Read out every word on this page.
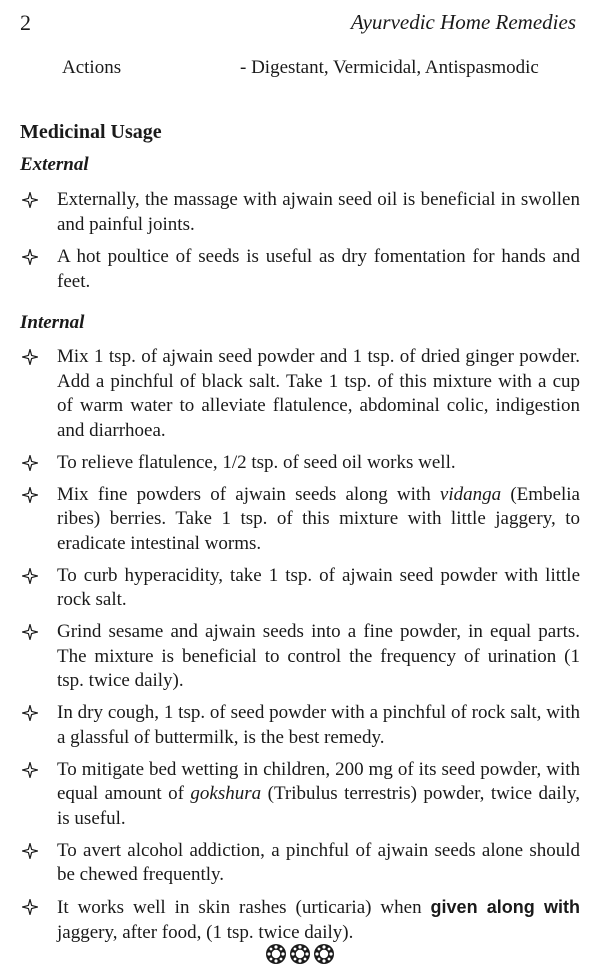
2	Ayurvedic Home Remedies
Actions	- Digestant, Vermicidal, Antispasmodic
Medicinal Usage
External
Externally, the massage with ajwain seed oil is beneficial in swollen and painful joints.
A hot poultice of seeds is useful as dry fomentation for hands and feet.
Internal
Mix 1 tsp. of ajwain seed powder and 1 tsp. of dried ginger powder. Add a pinchful of black salt. Take 1 tsp. of this mixture with a cup of warm water to alleviate flatulence, abdominal colic, indigestion and diarrhoea.
To relieve flatulence, 1/2 tsp. of seed oil works well.
Mix fine powders of ajwain seeds along with vidanga (Embelia ribes) berries. Take 1 tsp. of this mixture with little jaggery, to eradicate intestinal worms.
To curb hyperacidity, take 1 tsp. of ajwain seed powder with little rock salt.
Grind sesame and ajwain seeds into a fine powder, in equal parts. The mixture is beneficial to control the frequency of urination (1 tsp. twice daily).
In dry cough, 1 tsp. of seed powder with a pinchful of rock salt, with a glassful of buttermilk, is the best remedy.
To mitigate bed wetting in children, 200 mg of its seed powder, with equal amount of gokshura (Tribulus terrestris) powder, twice daily, is useful.
To avert alcohol addiction, a pinchful of ajwain seeds alone should be chewed frequently.
It works well in skin rashes (urticaria) when given along with jaggery, after food, (1 tsp. twice daily).
